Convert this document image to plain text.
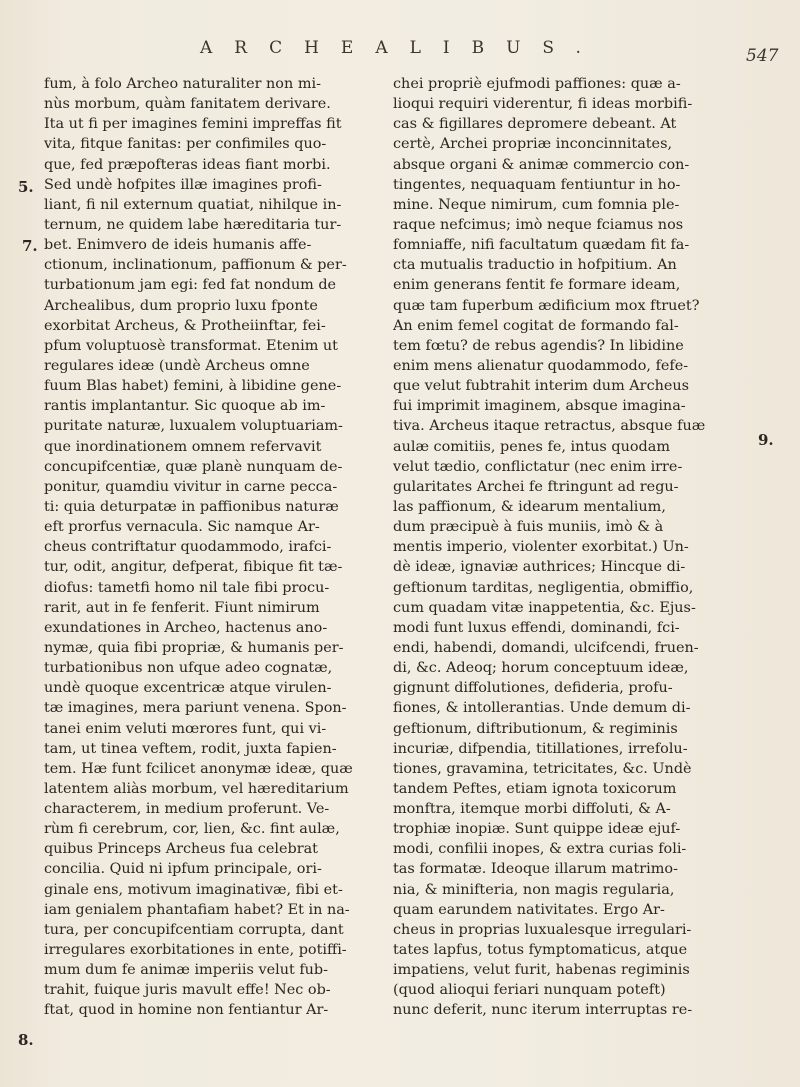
ARCHEALIBUS.	547
5.
7.
9.
8.
fum, à folo Archeo naturaliter non mi-
nùs morbum, quàm fanitatem derivare.
Ita ut fi per imagines femini impreffas fit
vita, fitque fanitas: per confimiles quo-
que, fed præpofteras ideas fiant morbi.
Sed undè hofpites illæ imagines profi-
liant, fi nil externum quatiat, nihilque in-
ternum, ne quidem labe hæreditaria tur-
bet. Enimvero de ideis humanis affe-
ctionum, inclinationum, paffionum & per-
turbationum jam egi: fed fat nondum de
Archealibus, dum proprio luxu fponte
exorbitat Archeus, & Protheiinftar, fei-
pfum voluptuosè transformat. Etenim ut
regulares ideæ (undè Archeus omne
fuum Blas habet) femini, à libidine gene-
rantis implantantur. Sic quoque ab im-
puritate naturæ, luxualem voluptuariam-
que inordinationem omnem refervavit
concupifcentiæ, quæ planè nunquam de-
ponitur, quamdiu vivitur in carne pecca-
ti: quia deturpatæ in paffionibus naturæ
eft prorfus vernacula. Sic namque Ar-
cheus contriftatur quodammodo, irafci-
tur, odit, angitur, defperat, fibique fit tæ-
diofus: tametfi homo nil tale fibi procu-
rarit, aut in fe fenferit. Fiunt nimirum
exundationes in Archeo, hactenus ano-
nymæ, quia fibi propriæ, & humanis per-
turbationibus non ufque adeo cognatæ,
undè quoque excentricæ atque virulen-
tæ imagines, mera pariunt venena. Spon-
tanei enim veluti mœrores funt, qui vi-
tam, ut tinea veftem, rodit, juxta fapien-
tem. Hæ funt fcilicet anonymæ ideæ, quæ
latentem aliàs morbum, vel hæreditarium
characterem, in medium proferunt. Ve-
rùm fi cerebrum, cor, lien, &c. fint aulæ,
quibus Princeps Archeus fua celebrat
concilia. Quid ni ipfum principale, ori-
ginale ens, motivum imaginativæ, fibi et-
iam genialem phantafiam habet? Et in na-
tura, per concupifcentiam corrupta, dant
irregulares exorbitationes in ente, potiffi-
mum dum fe animæ imperiis velut fub-
trahit, fuique juris mavult effe! Nec ob-
ftat, quod in homine non fentiantur Ar-
chei propriè ejufmodi paffiones: quæ a-
lioqui requiri viderentur, fi ideas morbifi-
cas & figillares depromere debeant. At
certè, Archei propriæ inconcinnitates,
absque organi & animæ commercio con-
tingentes, nequaquam fentiuntur in ho-
mine. Neque nimirum, cum fomnia ple-
raque nefcimus; imò neque fciamus nos
fomniaffe, nifi facultatum quædam fit fa-
cta mutualis traductio in hofpitium. An
enim generans fentit fe formare ideam,
quæ tam fuperbum ædificium mox ftruet?
An enim femel cogitat de formando fal-
tem fœtu? de rebus agendis? In libidine
enim mens alienatur quodammodo, fefe-
que velut fubtrahit interim dum Archeus
fui imprimit imaginem, absque imagina-
tiva. Archeus itaque retractus, absque fuæ
aulæ comitiis, penes fe, intus quodam
velut tædio, conflictatur (nec enim irre-
gularitates Archei fe ftringunt ad regu-
las paffionum, & idearum mentalium,
dum præcipuè à fuis muniis, imò & à
mentis imperio, violenter exorbitat.) Un-
dè ideæ, ignaviæ authrices; Hincque di-
geftionum tarditas, negligentia, obmiffio,
cum quadam vitæ inappetentia, &c. Ejus-
modi funt luxus effendi, dominandi, fci-
endi, habendi, domandi, ulcifcendi, fruen-
di, &c. Adeoq; horum conceptuum ideæ,
gignunt diffolutiones, defideria, profu-
fiones, & intollerantias. Unde demum di-
geftionum, diftributionum, & regiminis
incuriæ, difpendia, titillationes, irrefolu-
tiones, gravamina, tetricitates, &c. Undè
tandem Peftes, etiam ignota toxicorum
monftra, itemque morbi diffoluti, & A-
trophiæ inopiæ. Sunt quippe ideæ ejuf-
modi, confilii inopes, & extra curias foli-
tas formatæ. Ideoque illarum matrimo-
nia, & minifteria, non magis regularia,
quam earundem nativitates. Ergo Ar-
cheus in proprias luxualesque irregulari-
tates lapfus, totus fymptomaticus, atque
impatiens, velut furit, habenas regiminis
(quod alioqui feriari nunquam poteft)
nunc deferit, nunc iterum interruptas re-
